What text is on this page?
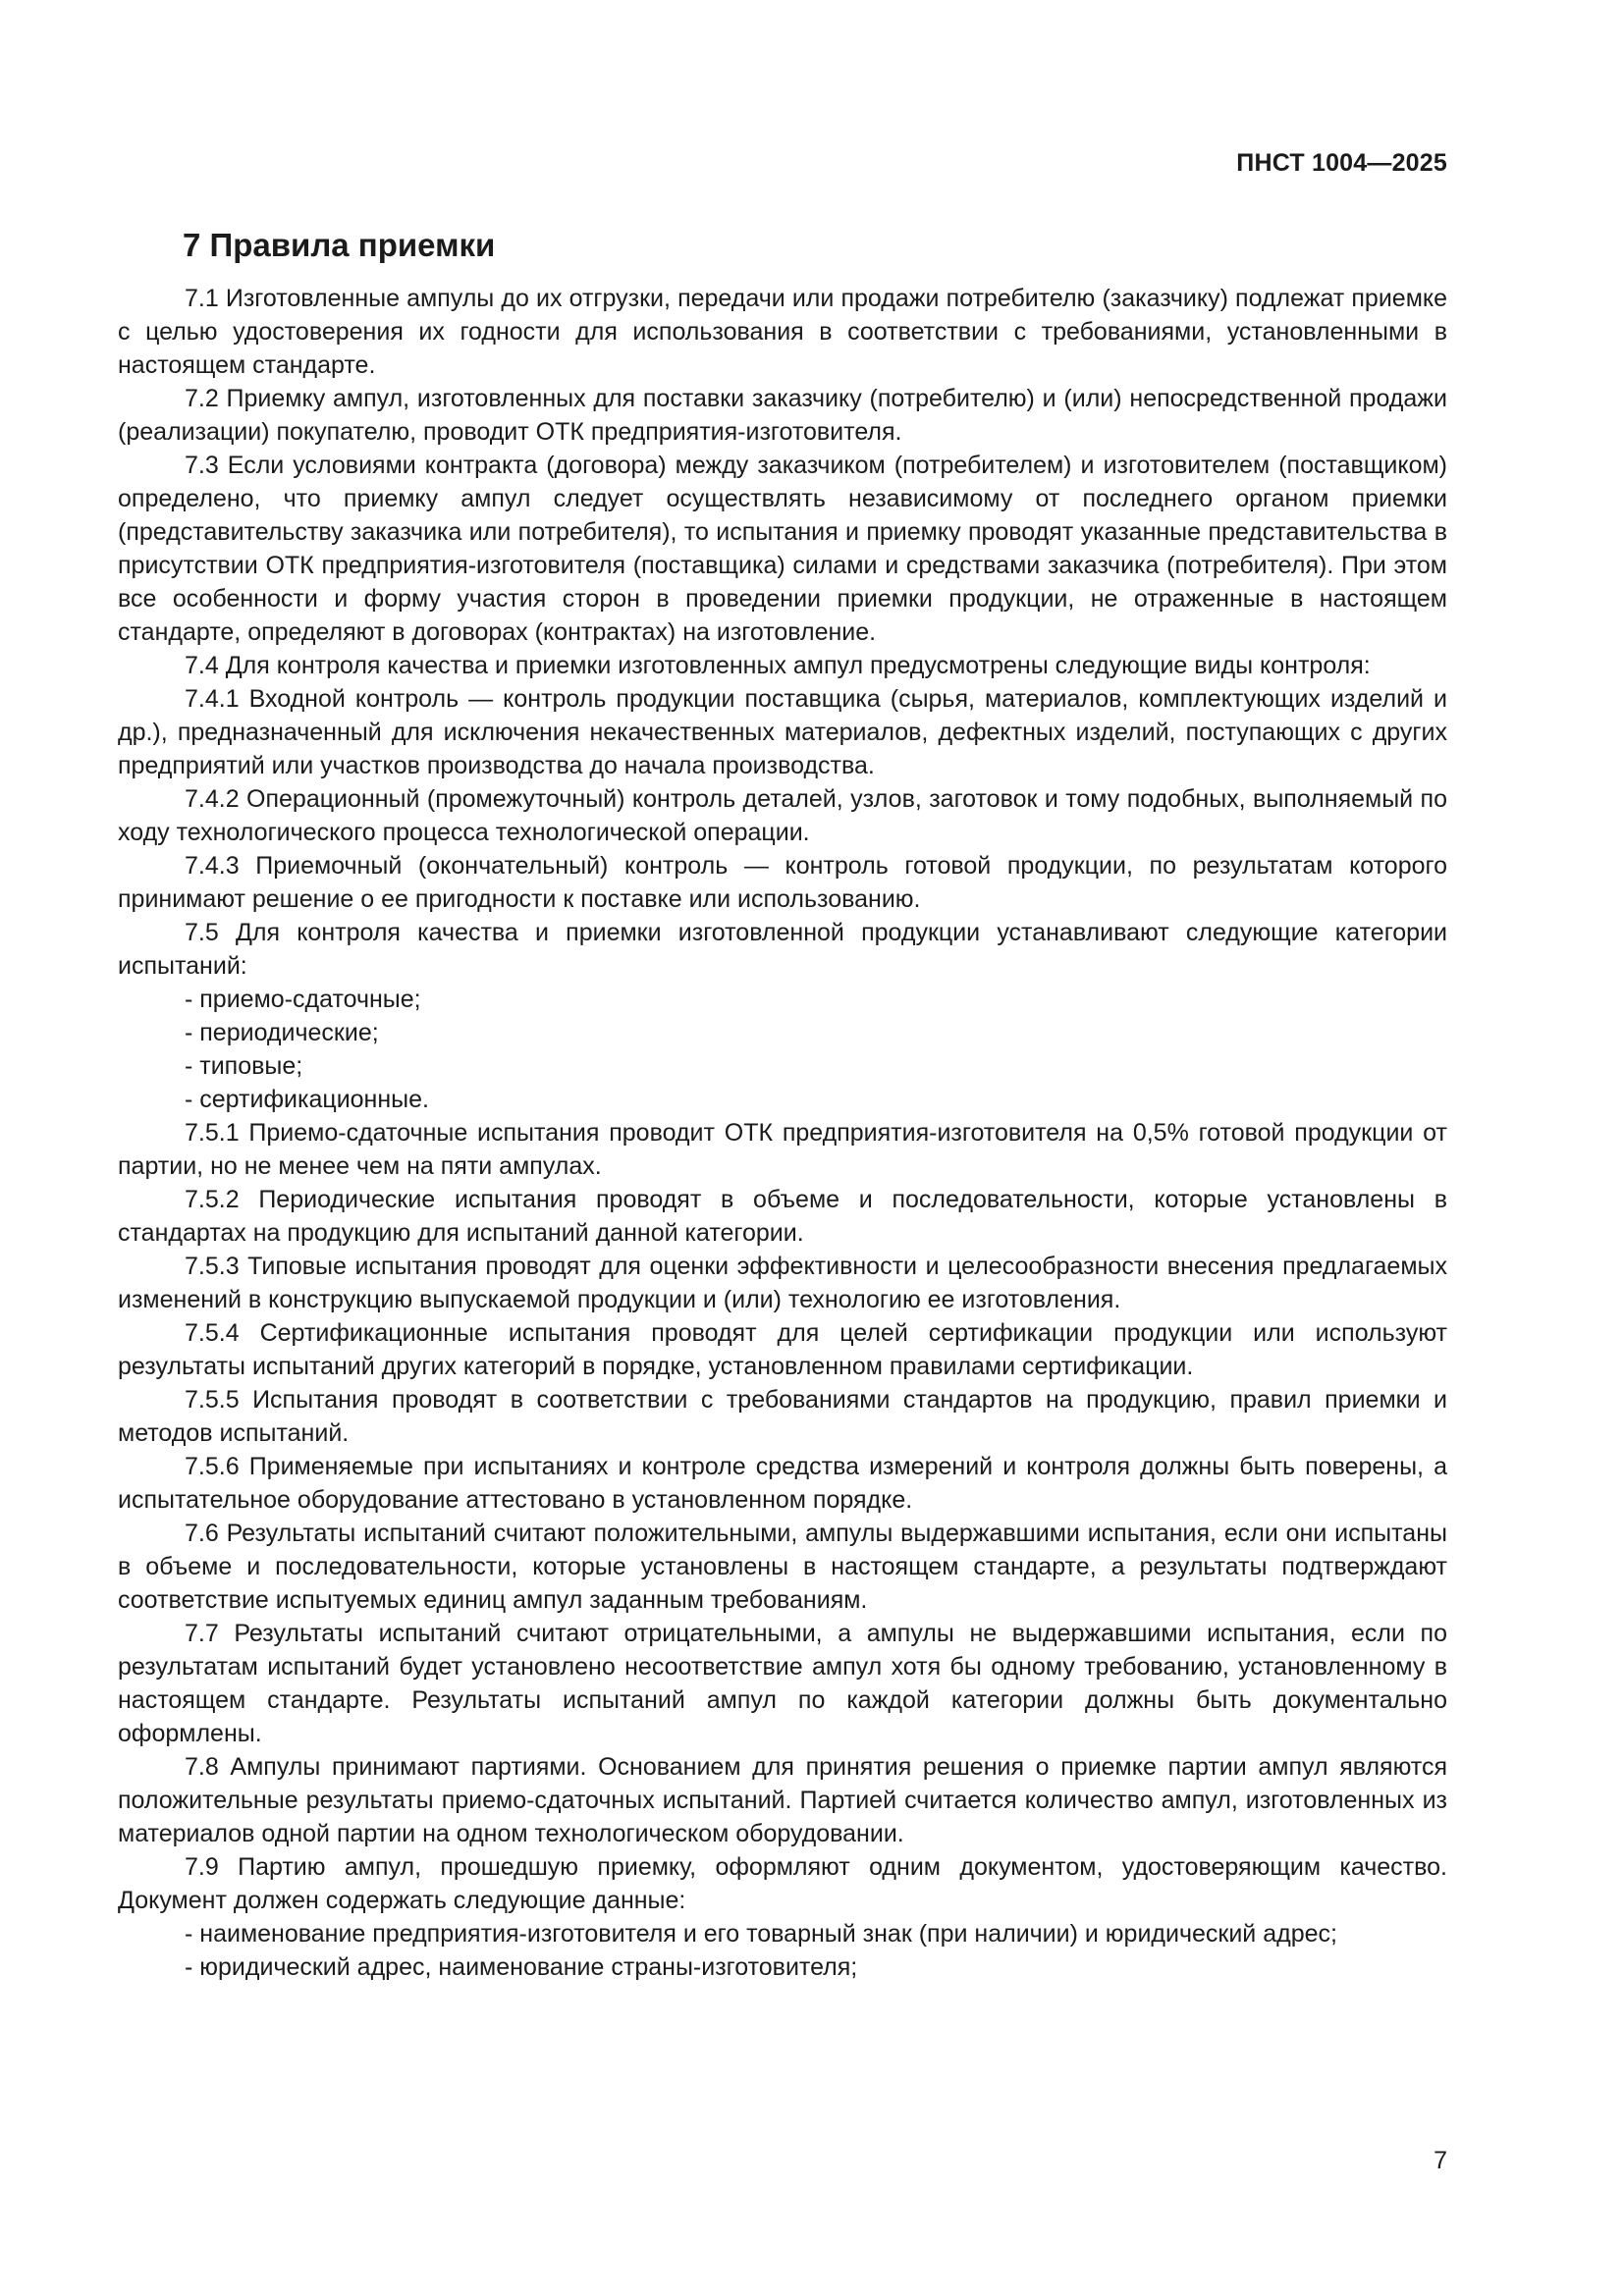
ПНСТ 1004—2025
7 Правила приемки

7.1 Изготовленные ампулы до их отгрузки, передачи или продажи потребителю (заказчику) подлежат приемке с целью удостоверения их годности для использования в соответствии с требованиями, установленными в настоящем стандарте.

7.2 Приемку ампул, изготовленных для поставки заказчику (потребителю) и (или) непосредственной продажи (реализации) покупателю, проводит ОТК предприятия-изготовителя.

7.3 Если условиями контракта (договора) между заказчиком (потребителем) и изготовителем (поставщиком) определено, что приемку ампул следует осуществлять независимому от последнего органом приемки (представительству заказчика или потребителя), то испытания и приемку проводят указанные представительства в присутствии ОТК предприятия-изготовителя (поставщика) силами и средствами заказчика (потребителя). При этом все особенности и форму участия сторон в проведении приемки продукции, не отраженные в настоящем стандарте, определяют в договорах (контрактах) на изготовление.

7.4 Для контроля качества и приемки изготовленных ампул предусмотрены следующие виды контроля:

7.4.1 Входной контроль — контроль продукции поставщика (сырья, материалов, комплектующих изделий и др.), предназначенный для исключения некачественных материалов, дефектных изделий, поступающих с других предприятий или участков производства до начала производства.

7.4.2 Операционный (промежуточный) контроль деталей, узлов, заготовок и тому подобных, выполняемый по ходу технологического процесса технологической операции.

7.4.3 Приемочный (окончательный) контроль — контроль готовой продукции, по результатам которого принимают решение о ее пригодности к поставке или использованию.

7.5 Для контроля качества и приемки изготовленной продукции устанавливают следующие категории испытаний:

- приемо-сдаточные;

- периодические;

- типовые;

- сертификационные.

7.5.1 Приемо-сдаточные испытания проводит ОТК предприятия-изготовителя на 0,5% готовой продукции от партии, но не менее чем на пяти ампулах.

7.5.2 Периодические испытания проводят в объеме и последовательности, которые установлены в стандартах на продукцию для испытаний данной категории.

7.5.3 Типовые испытания проводят для оценки эффективности и целесообразности внесения предлагаемых изменений в конструкцию выпускаемой продукции и (или) технологию ее изготовления.

7.5.4 Сертификационные испытания проводят для целей сертификации продукции или используют результаты испытаний других категорий в порядке, установленном правилами сертификации.

7.5.5 Испытания проводят в соответствии с требованиями стандартов на продукцию, правил приемки и методов испытаний.

7.5.6 Применяемые при испытаниях и контроле средства измерений и контроля должны быть поверены, а испытательное оборудование аттестовано в установленном порядке.

7.6 Результаты испытаний считают положительными, ампулы выдержавшими испытания, если они испытаны в объеме и последовательности, которые установлены в настоящем стандарте, а результаты подтверждают соответствие испытуемых единиц ампул заданным требованиям.

7.7 Результаты испытаний считают отрицательными, а ампулы не выдержавшими испытания, если по результатам испытаний будет установлено несоответствие ампул хотя бы одному требованию, установленному в настоящем стандарте. Результаты испытаний ампул по каждой категории должны быть документально оформлены.

7.8 Ампулы принимают партиями. Основанием для принятия решения о приемке партии ампул являются положительные результаты приемо-сдаточных испытаний. Партией считается количество ампул, изготовленных из материалов одной партии на одном технологическом оборудовании.

7.9 Партию ампул, прошедшую приемку, оформляют одним документом, удостоверяющим качество. Документ должен содержать следующие данные:

- наименование предприятия-изготовителя и его товарный знак (при наличии) и юридический адрес;

- юридический адрес, наименование страны-изготовителя;

7
